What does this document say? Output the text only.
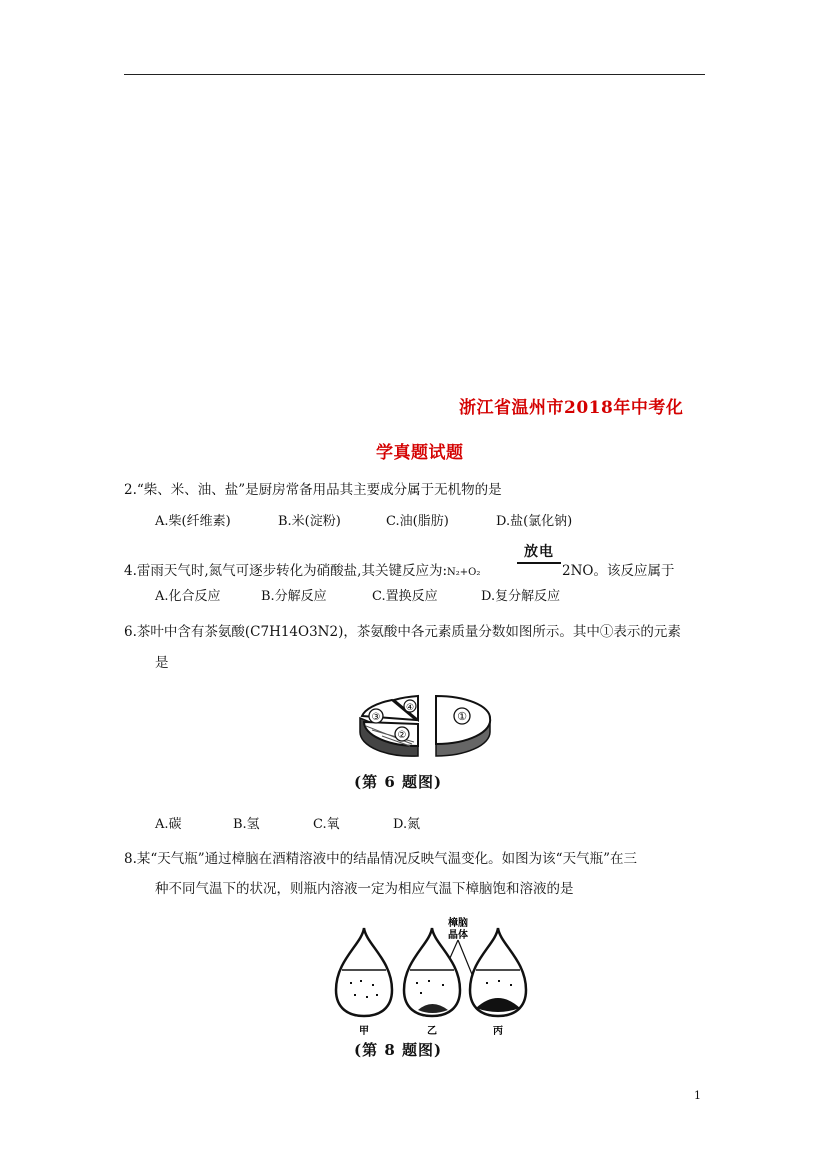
浙江省温州市2018年中考化
学真题试题
2.“柴、米、油、盐”是厨房常备用品其主要成分属于无机物的是
A.柴(纤维素)	B.米(淀粉)	C.油(脂肪)	D.盐(氯化钠)
4.雷雨天气时,氮气可逐步转化为硝酸盐,其关键反应为:N₂+O₂
放电
2NO。该反应属于
A.化合反应	B.分解反应	C.置换反应	D.复分解反应
6.茶叶中含有茶氨酸(C7H14O3N2)，茶氨酸中各元素质量分数如图所示。其中①表示的元素
是
①
②
③
④
(第 6 题图)
A.碳	B.氢	C.氧	D.氮
8.某“天气瓶”通过樟脑在酒精溶液中的结晶情况反映气温变化。如图为该“天气瓶”在三
种不同气温下的状况，则瓶内溶液一定为相应气温下樟脑饱和溶液的是
樟脑
晶体
甲	乙	丙
(第 8 题图)
1
